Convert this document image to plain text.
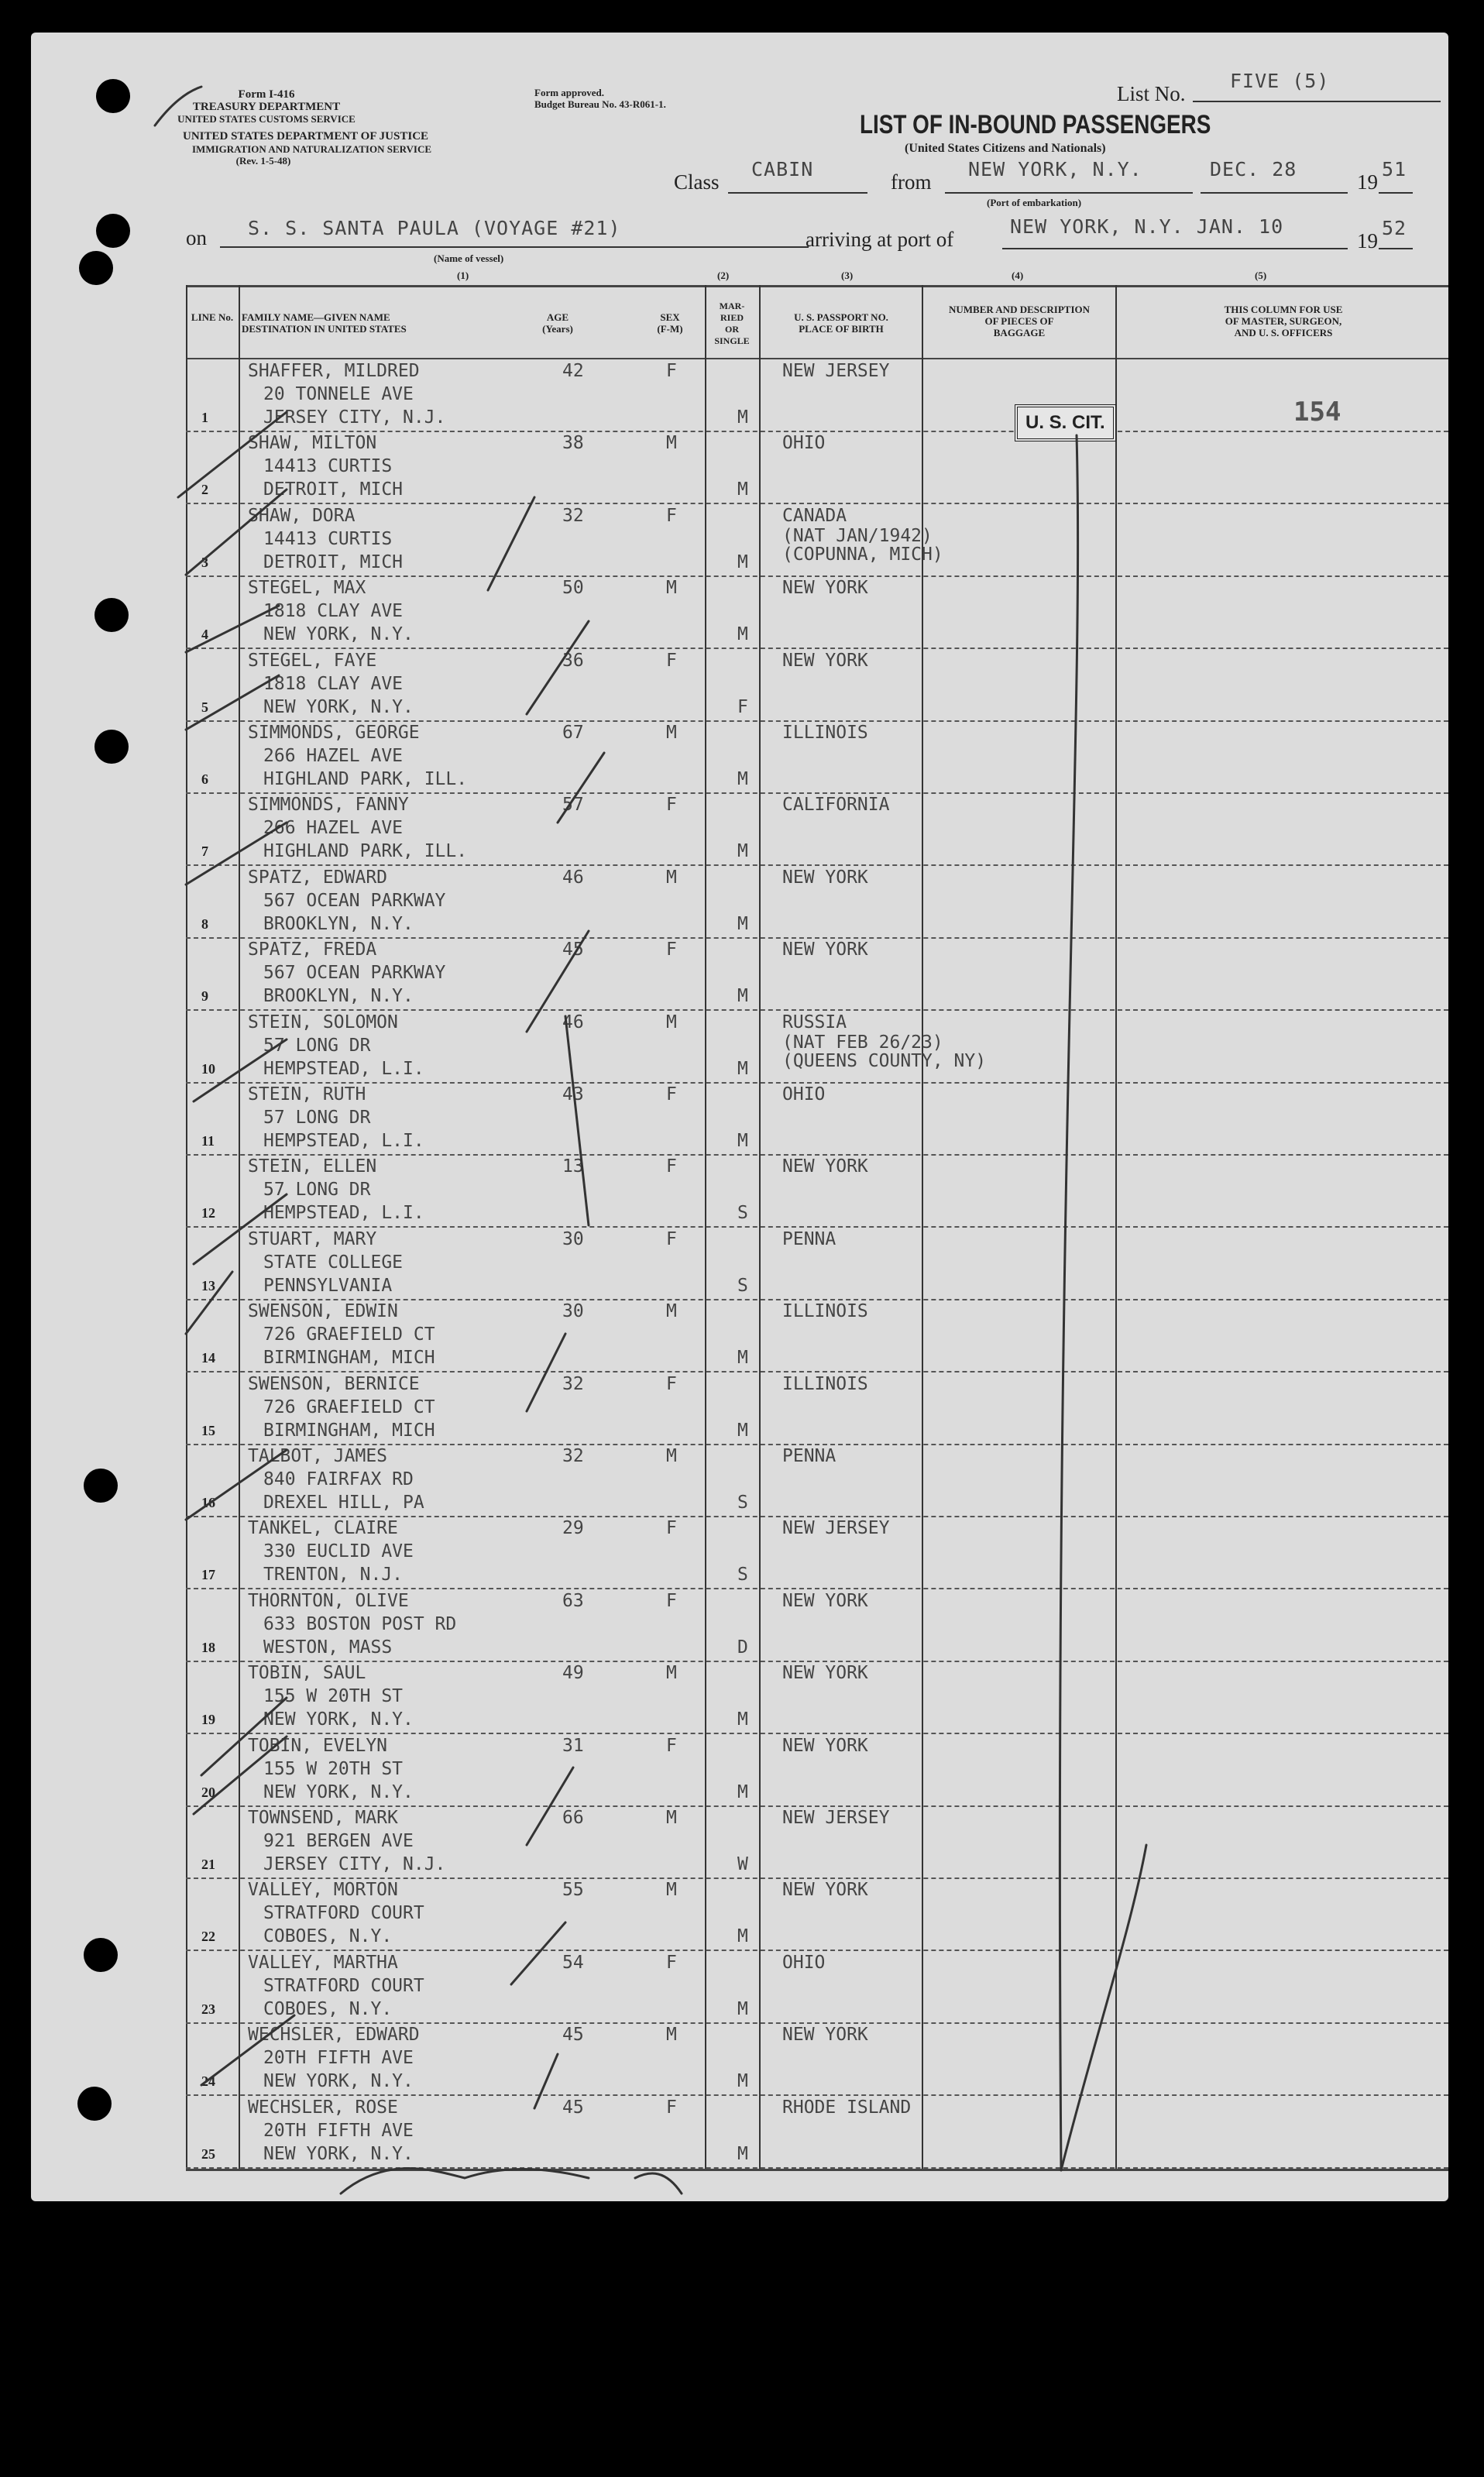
Form I-416
TREASURY DEPARTMENT
UNITED STATES CUSTOMS SERVICE
UNITED STATES DEPARTMENT OF JUSTICE
IMMIGRATION AND NATURALIZATION SERVICE
(Rev. 1-5-48)
Form approved.
Budget Bureau No. 43-R061-1.	List No.
FIVE (5)
LIST OF IN-BOUND PASSENGERS
(United States Citizens and Nationals)
Class
CABIN
from
NEW YORK, N.Y.
(Port of embarkation)
DEC. 28
19
51
on S. S. SANTA PAULA (VOYAGE #21)
(Name of vessel)
arriving at port of
NEW YORK, N.Y. JAN. 10
19
52
(1)	(2)	(3)	(4)	(5)
LINE No. FAMILY NAME—GIVEN NAME
DESTINATION IN UNITED STATES
AGE
(Years)
SEX
(F-M)
MAR-
RIED
OR
SINGLE
U. S. PASSPORT NO.
PLACE OF BIRTH
NUMBER AND DESCRIPTION
OF PIECES OF
BAGGAGE
THIS COLUMN FOR USE
OF MASTER, SURGEON,
AND U. S. OFFICERS
1
SHAFFER, MILDRED
20 TONNELE AVE
JERSEY CITY, N.J.
42	F
M
NEW JERSEY
2
SHAW, MILTON
14413 CURTIS
DETROIT, MICH
38	M
M
OHIO
3
SHAW, DORA
14413 CURTIS
DETROIT, MICH
32	F
M
CANADA
(NAT JAN/1942)
(COPUNNA, MICH)
4
STEGEL, MAX
1818 CLAY AVE
NEW YORK, N.Y.
50	M
M
NEW YORK
5
STEGEL, FAYE
1818 CLAY AVE
NEW YORK, N.Y.
36	F
F
NEW YORK
6
SIMMONDS, GEORGE
266 HAZEL AVE
HIGHLAND PARK, ILL.
67	M
M
ILLINOIS
7
SIMMONDS, FANNY
266 HAZEL AVE
HIGHLAND PARK, ILL.
57	F
M
CALIFORNIA
8
SPATZ, EDWARD
567 OCEAN PARKWAY
BROOKLYN, N.Y.
46	M
M
NEW YORK
9
SPATZ, FREDA
567 OCEAN PARKWAY
BROOKLYN, N.Y.
45	F
M
NEW YORK
10
STEIN, SOLOMON
57 LONG DR
HEMPSTEAD, L.I.
46	M
M
RUSSIA
(NAT FEB 26/23)
(QUEENS COUNTY, NY)
11
STEIN, RUTH
57 LONG DR
HEMPSTEAD, L.I.
43	F
M
OHIO
12
STEIN, ELLEN
57 LONG DR
HEMPSTEAD, L.I.
13	F
S
NEW YORK
13
STUART, MARY
STATE COLLEGE
PENNSYLVANIA
30	F
S
PENNA
14
SWENSON, EDWIN
726 GRAEFIELD CT
BIRMINGHAM, MICH
30	M
M
ILLINOIS
15
SWENSON, BERNICE
726 GRAEFIELD CT
BIRMINGHAM, MICH
32	F
M
ILLINOIS
16
TALBOT, JAMES
840 FAIRFAX RD
DREXEL HILL, PA
32	M
S
PENNA
17
TANKEL, CLAIRE
330 EUCLID AVE
TRENTON, N.J.
29	F
S
NEW JERSEY
18
THORNTON, OLIVE
633 BOSTON POST RD
WESTON, MASS
63	F
D
NEW YORK
19
TOBIN, SAUL
155 W 20TH ST
NEW YORK, N.Y.
49	M
M
NEW YORK
20
TOBIN, EVELYN
155 W 20TH ST
NEW YORK, N.Y.
31	F
M
NEW YORK
21
TOWNSEND, MARK
921 BERGEN AVE
JERSEY CITY, N.J.
66	M
W
NEW JERSEY
22
VALLEY, MORTON
STRATFORD COURT
COBOES, N.Y.
55	M
M
NEW YORK
23
VALLEY, MARTHA
STRATFORD COURT
COBOES, N.Y.
54	F
M
OHIO
24
WECHSLER, EDWARD
20TH FIFTH AVE
NEW YORK, N.Y.
45	M
M
NEW YORK
25
WECHSLER, ROSE
20TH FIFTH AVE
NEW YORK, N.Y.
45	F
M
RHODE ISLAND
U. S. CIT.	154
